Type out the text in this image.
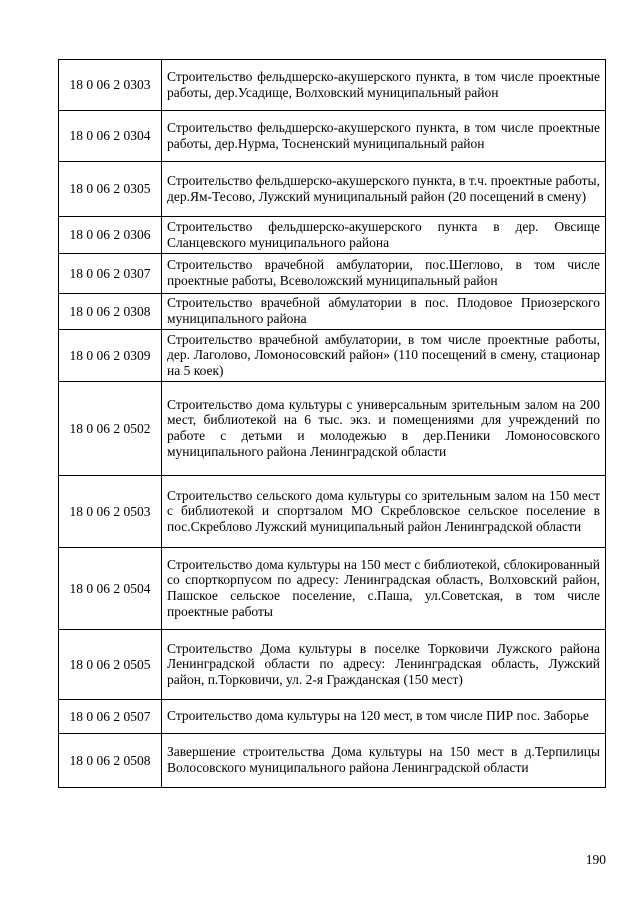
18 0 06 2 0303	Строительство фельдшерско-акушерского пункта, в том числе проектные работы, дер.Усадище, Волховский муниципальный район
18 0 06 2 0304	Строительство фельдшерско-акушерского пункта, в том числе проектные работы, дер.Нурма, Тосненский муниципальный район
18 0 06 2 0305	Строительство фельдшерско-акушерского пункта, в т.ч. проектные работы, дер.Ям-Тесово, Лужский муниципальный район (20 посещений в смену)
18 0 06 2 0306	Строительство фельдшерско-акушерского пункта в дер. Овсище Сланцевского муниципального района
18 0 06 2 0307	Строительство врачебной амбулатории, пос.Шеглово, в том числе проектные работы, Всеволожский муниципальный район
18 0 06 2 0308	Строительство врачебной абмулатории в пос. Плодовое Приозерского муниципального района
18 0 06 2 0309	Строительство врачебной амбулатории, в том числе проектные работы, дер. Лаголово, Ломоносовский район» (110 посещений в смену, стационар на 5 коек)
18 0 06 2 0502	Строительство дома культуры с универсальным зрительным залом на 200 мест, библиотекой на 6 тыс. экз. и помещениями для учреждений по работе с детьми и молодежью в дер.Пеники Ломоносовского муниципального района Ленинградской области
18 0 06 2 0503	Строительство сельского дома культуры со зрительным залом на 150 мест с библиотекой и спортзалом МО Скребловское сельское поселение в пос.Скреблово Лужский муниципальный район Ленинградской области
18 0 06 2 0504	Строительство дома культуры на 150 мест с библиотекой, сблокированный со спорткорпусом по адресу: Ленинградская область, Волховский район, Пашское сельское поселение, с.Паша, ул.Советская, в том числе проектные работы
18 0 06 2 0505	Строительство Дома культуры в поселке Торковичи Лужского района Ленинградской области по адресу: Ленинградская область, Лужский район, п.Торковичи, ул. 2-я Гражданская (150 мест)
18 0 06 2 0507	Строительство дома культуры на 120 мест, в том числе ПИР пос. Заборье
18 0 06 2 0508	Завершение строительства Дома культуры на 150 мест в д.Терпилицы Волосовского муниципального района Ленинградской области
190
